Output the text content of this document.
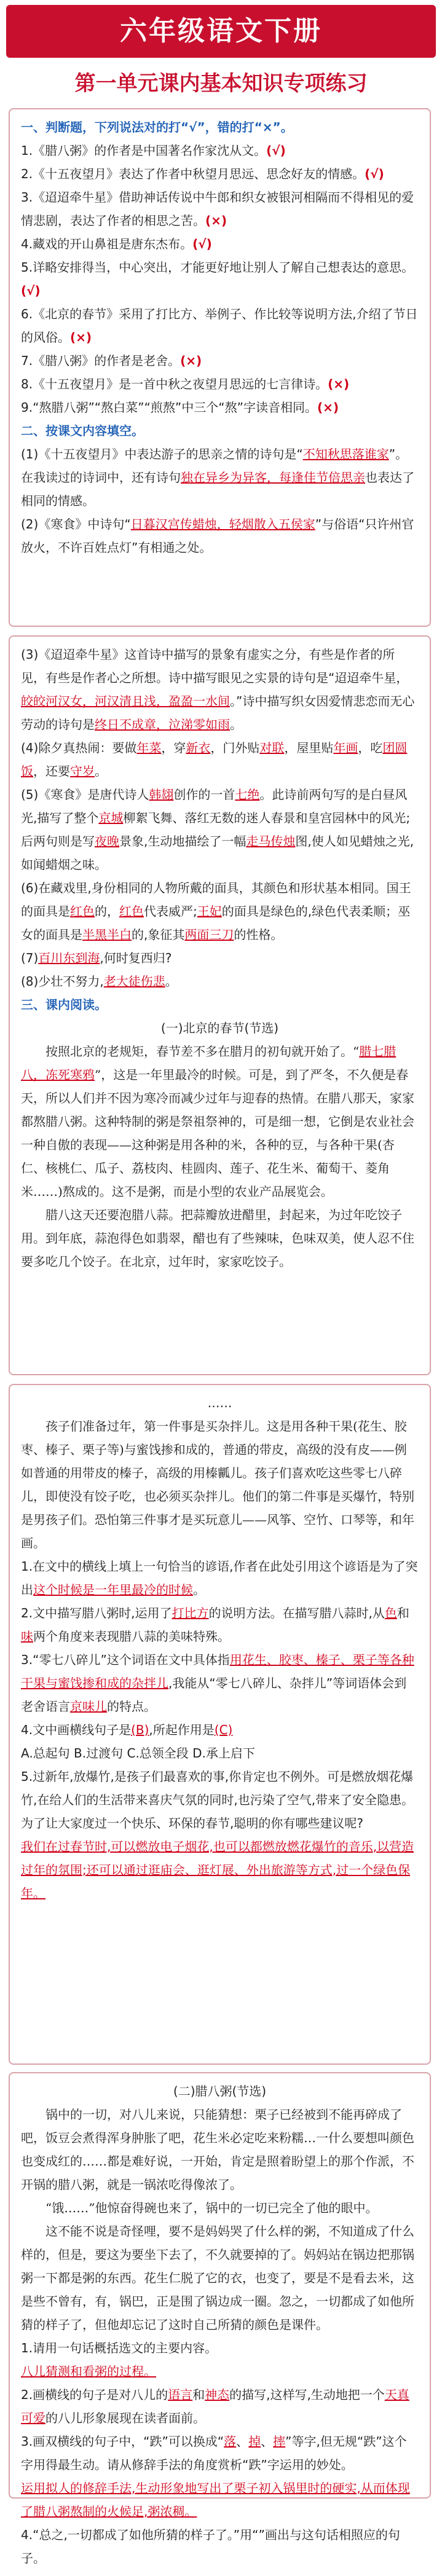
六年级语文下册
第一单元课内基本知识专项练习

一、判断题，下列说法对的打“√”，错的打“×”。

1.《腊八粥》的作者是中国著名作家沈从文。(√)

2.《十五夜望月》表达了作者中秋望月思远、思念好友的情感。(√)

3.《迢迢牵牛星》借助神话传说中牛郎和织女被银河相隔而不得相见的爱情悲剧，表达了作者的相思之苦。(×)

4.藏戏的开山鼻祖是唐东杰布。(√)

5.详略安排得当，中心突出，才能更好地让别人了解自己想表达的意思。(√)

6.《北京的春节》采用了打比方、举例子、作比较等说明方法,介绍了节日的风俗。(×)

7.《腊八粥》的作者是老舍。(×)

8.《十五夜望月》是一首中秋之夜望月思远的七言律诗。(×)

9.“熬腊八粥”“熬白菜”“煎熬”中三个“熬”字读音相同。(×)

二、按课文内容填空。

(1)《十五夜望月》中表达游子的思亲之情的诗句是“不知秋思落谁家”。在我读过的诗词中，还有诗句独在异乡为异客，每逢佳节倍思亲也表达了相同的情感。

(2)《寒食》中诗句“日暮汉宫传蜡烛，轻烟散入五侯家”与俗语“只许州官放火，不许百姓点灯”有相通之处。

(3)《迢迢牵牛星》这首诗中描写的景象有虚实之分，有些是作者的所见，有些是作者心之所想。诗中描写眼见之实景的诗句是“迢迢牵牛星，皎皎河汉女，河汉清且浅，盈盈一水间。”诗中描写织女因爱情悲恋而无心劳动的诗句是终日不成章，泣涕零如雨。

(4)除夕真热闹：要做年菜，穿新衣，门外贴对联，屋里贴年画，吃团圆饭，还要守岁。

(5)《寒食》是唐代诗人韩翃创作的一首七绝。此诗前两句写的是白昼风光,描写了整个京城柳絮飞舞、落红无数的迷人春景和皇宫园林中的风光;后两句则是写夜晚景象,生动地描绘了一幅走马传烛图,使人如见蜡烛之光,如闻蜡烟之味。

(6)在藏戏里,身份相同的人物所戴的面具，其颜色和形状基本相同。国王的面具是红色的，红色代表威严;王妃的面具是绿色的,绿色代表柔顺；巫女的面具是半黑半白的,象征其两面三刀的性格。

(7)百川东到海,何时复西归?

(8)少壮不努力,老大徒伤悲。

三、课内阅读。

(一)北京的春节(节选)

按照北京的老规矩，春节差不多在腊月的初旬就开始了。“腊七腊八，冻死寒鸦”，这是一年里最冷的时候。可是，到了严冬，不久便是春天，所以人们并不因为寒冷而减少过年与迎春的热情。在腊八那天，家家都熬腊八粥。这种特制的粥是祭祖祭神的，可是细一想，它倒是农业社会一种自傲的表现——这种粥是用各种的米，各种的豆，与各种干果(杏仁、核桃仁、瓜子、荔枝肉、桂圆肉、莲子、花生米、葡萄干、菱角米……)熬成的。这不是粥，而是小型的农业产品展览会。

腊八这天还要泡腊八蒜。把蒜瓣放进醋里，封起来，为过年吃饺子用。到年底，蒜泡得色如翡翠，醋也有了些辣味，色味双美，使人忍不住要多吃几个饺子。在北京，过年时，家家吃饺子。

……

孩子们准备过年，第一件事是买杂拌儿。这是用各种干果(花生、胶枣、榛子、栗子等)与蜜饯掺和成的，普通的带皮，高级的没有皮——例如普通的用带皮的榛子，高级的用榛瓤儿。孩子们喜欢吃这些零七八碎儿，即使没有饺子吃，也必须买杂拌儿。他们的第二件事是买爆竹，特别是男孩子们。恐怕第三件事才是买玩意儿——风筝、空竹、口琴等，和年画。

1.在文中的横线上填上一句恰当的谚语,作者在此处引用这个谚语是为了突出这个时候是一年里最冷的时候。

2.文中描写腊八粥时,运用了打比方的说明方法。在描写腊八蒜时,从色和味两个角度来表现腊八蒜的美味特殊。

3.“零七八碎儿”这个词语在文中具体指用花生、胶枣、榛子、栗子等各种干果与蜜饯掺和成的杂拌儿,我能从“零七八碎儿、杂拌儿”等词语体会到老舍语言京味儿的特点。

4.文中画横线句子是(B),所起作用是(C)

A.总起句 B.过渡句 C.总领全段 D.承上启下

5.过新年,放爆竹,是孩子们最喜欢的事,你肯定也不例外。可是燃放烟花爆竹,在给人们的生活带来喜庆气氛的同时,也污染了空气,带来了安全隐患。为了让大家度过一个快乐、环保的春节,聪明的你有哪些建议呢?

我们在过春节时,可以燃放电子烟花,也可以都燃放燃花爆竹的音乐,以营造过年的氛围;还可以通过逛庙会、逛灯展、外出旅游等方式,过一个绿色保年。

(二)腊八粥(节选)

锅中的一切，对八儿来说，只能猜想：栗子已经被到不能再碎成了吧，饭豆会煮得浑身肿胀了吧，花生米必定吃来粉糯…一什么要想叫颜色也变成红的……都是难好说，一开始，肯定是照着盼望上的那个作派，不开锅的腊八粥，就是一锅浓吃得像浓了。

“饿……”他惊奋得碗也来了，锅中的一切已完全了他的眼中。

这不能不说是奇怪哩，要不是妈妈哭了什么样的粥，不知道成了什么样的，但是，要这为要坐下去了，不久就要掉的了。妈妈站在锅边把那锅粥一下都是粥的东西。花生仁脱了它的衣，也变了，要是不是看去米，这是些不曾有，有，锅巴，正是围了锅边成一圈。忽之，一切都成了如他所猜的样子了，但他却忘记了这时自己所猜的颜色是课件。

1.请用一句话概括选文的主要内容。

八儿猜测和看粥的过程。

2.画横线的句子是对八儿的语言和神态的描写,这样写,生动地把一个天真可爱的八儿形象展现在读者面前。

3.画双横线的句子中，“跌”可以换成“落、掉、摔”等字,但无规“跌”这个字用得最生动。请从修辞手法的角度赏析“跌”字运用的妙处。

运用拟人的修辞手法,生动形象地写出了栗子初入锅里时的硬实,从而体现了腊八粥熬制的火候足,粥浓稠。

4.“总之,一切都成了如他所猜的样子了。”用“”画出与这句话相照应的句子。
